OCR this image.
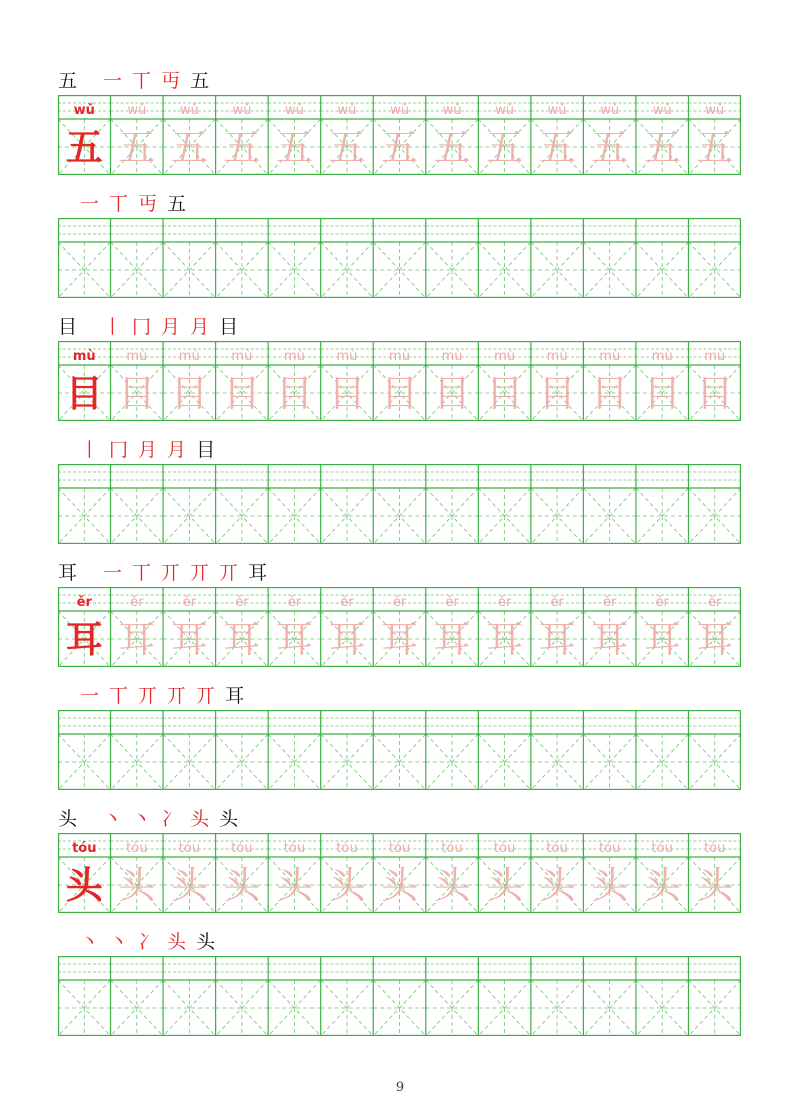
五 一 丅 丏 五
wǔ
五
wǔ
五
wǔ
五
wǔ
五
wǔ
五
wǔ
五
wǔ
五
wǔ
五
wǔ
五
wǔ
五
wǔ
五
wǔ
五
wǔ
五
一 丅 丏 五
目 丨 冂 月 月 目
mù
目
mù
目
mù
目
mù
目
mù
目
mù
目
mù
目
mù
目
mù
目
mù
目
mù
目
mù
目
mù
目
丨 冂 月 月 目
耳 一 丅 丌 丌 丌 耳
ěr
耳
ěr
耳
ěr
耳
ěr
耳
ěr
耳
ěr
耳
ěr
耳
ěr
耳
ěr
耳
ěr
耳
ěr
耳
ěr
耳
ěr
耳
一 丅 丌 丌 丌 耳
头 丶 丶 冫 头 头
tóu
头
tóu
头
tóu
头
tóu
头
tóu
头
tóu
头
tóu
头
tóu
头
tóu
头
tóu
头
tóu
头
tóu
头
tóu
头
丶 丶 冫 头 头
9
